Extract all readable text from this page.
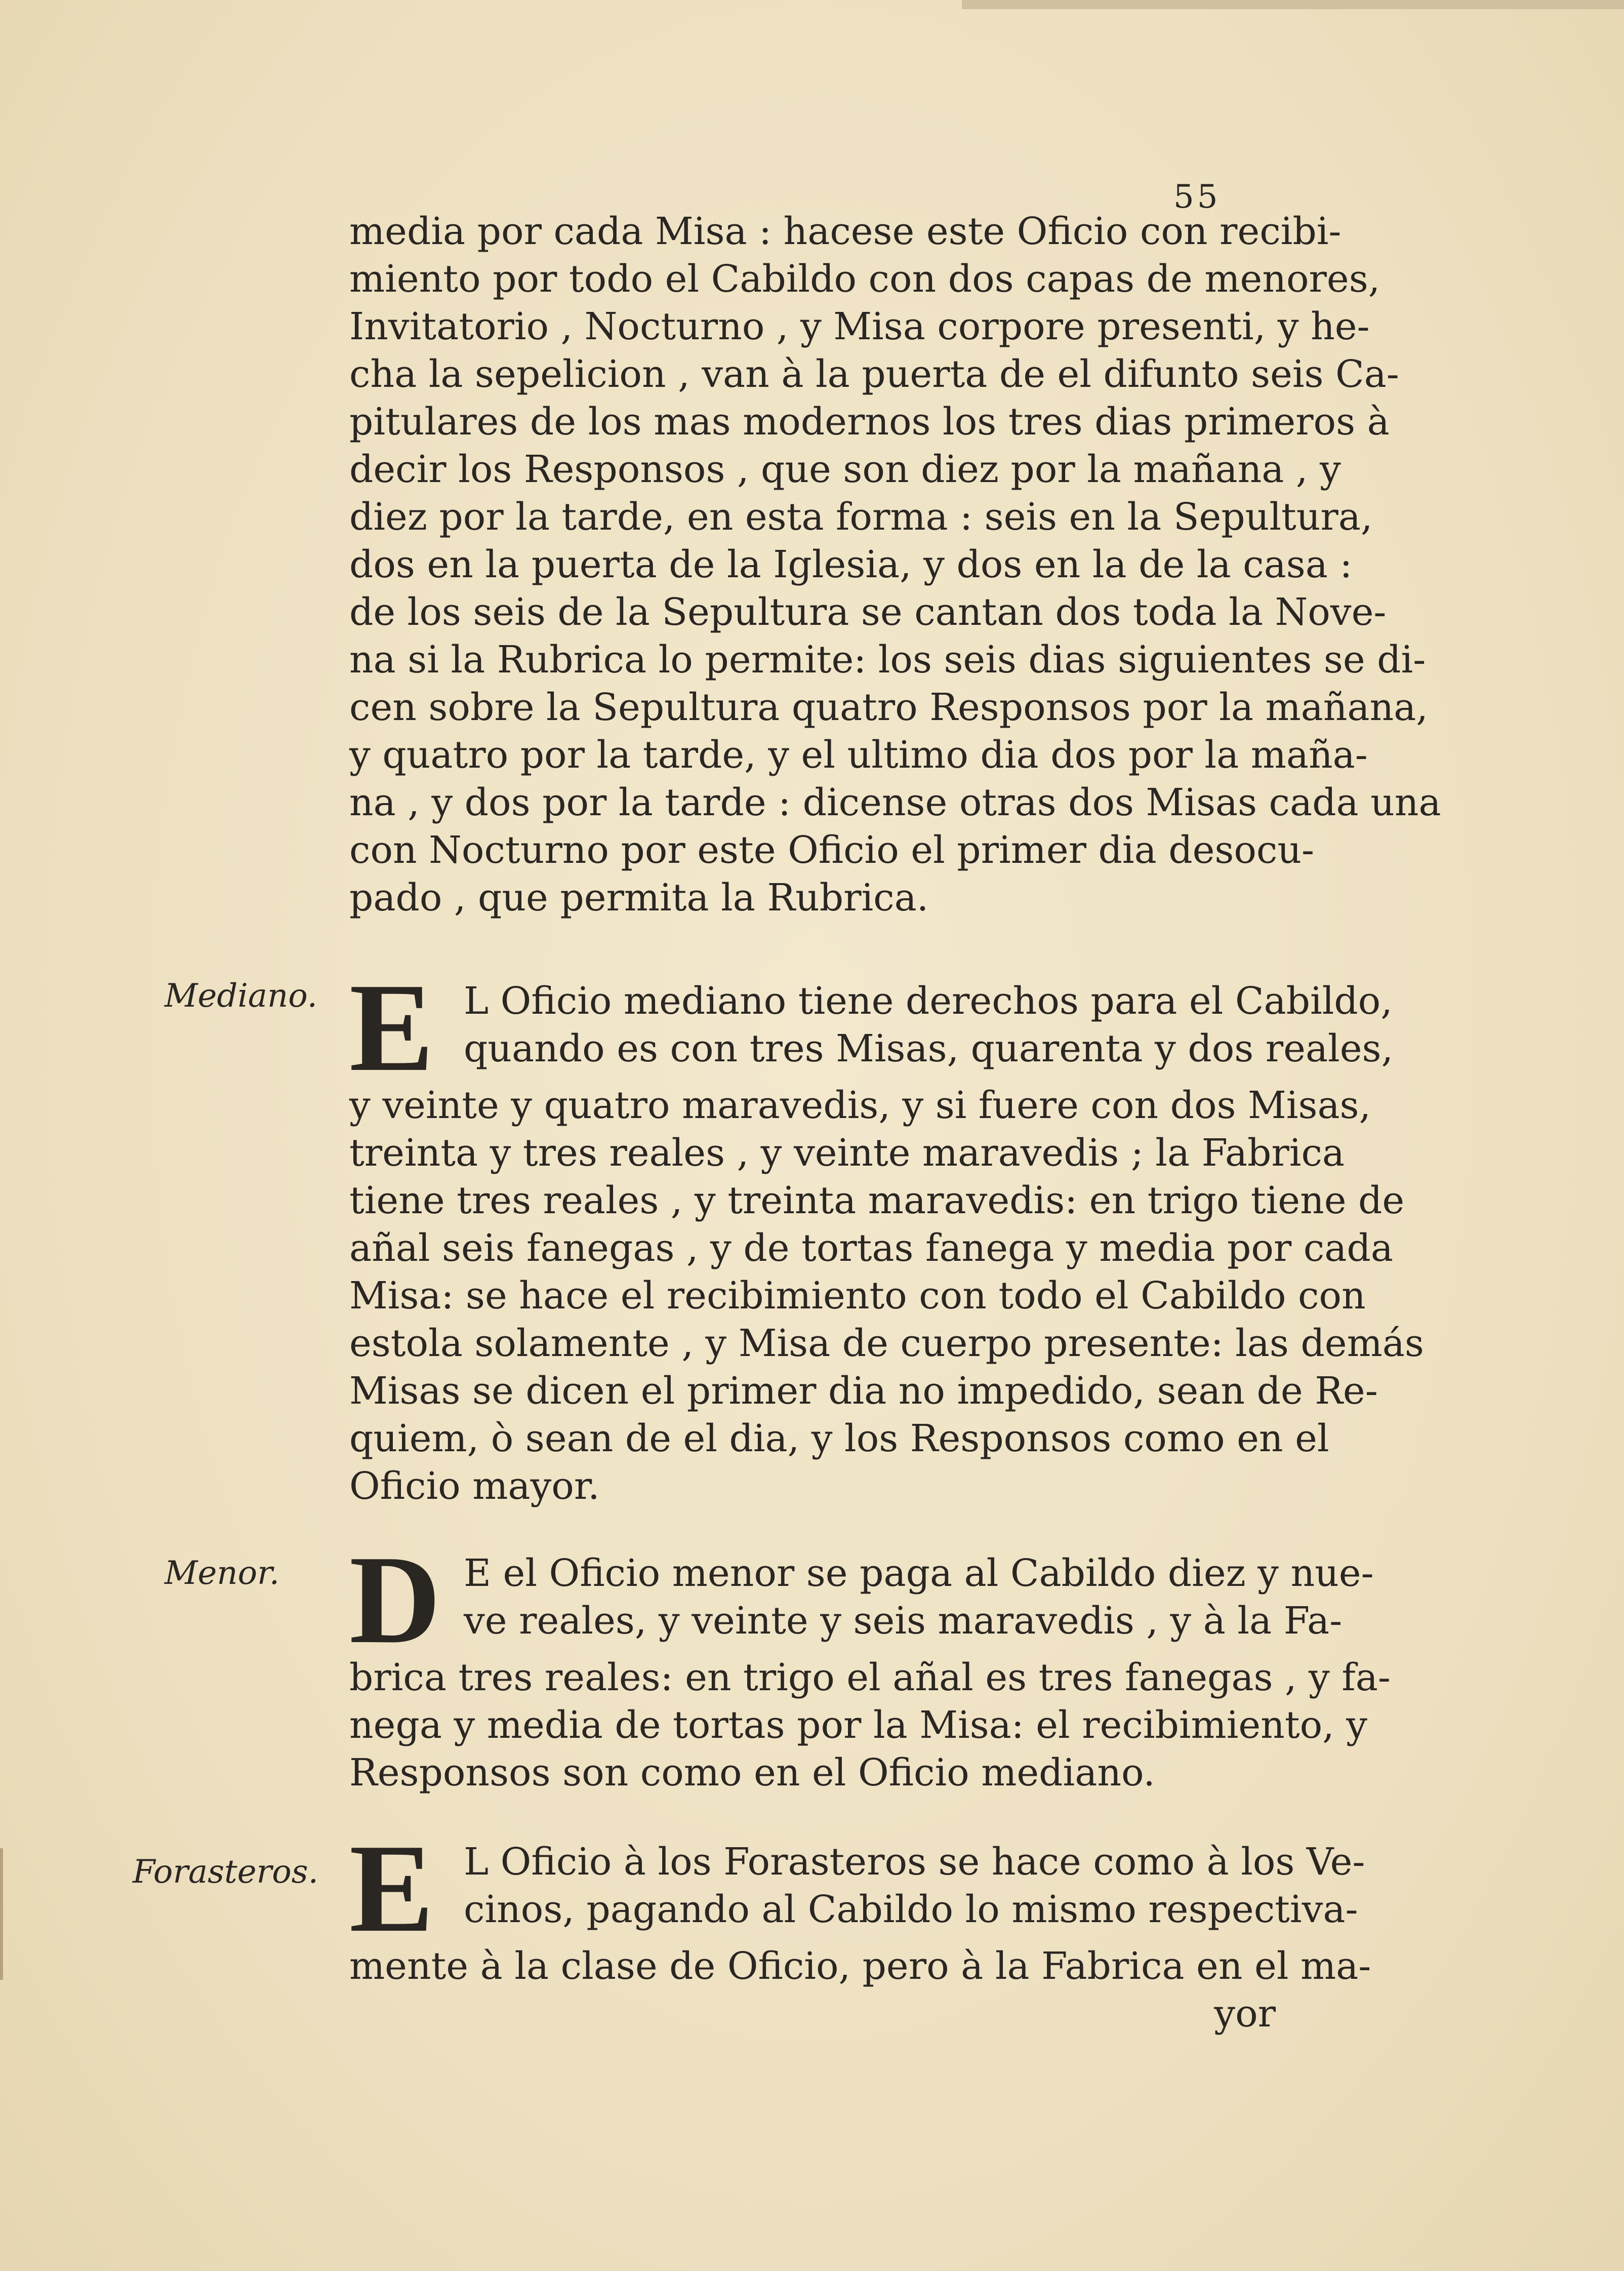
55
media por cada Misa : hacese este Oficio con recibi-
miento por todo el Cabildo con dos capas de menores,
Invitatorio , Nocturno , y Misa corpore presenti, y he-
cha la sepelicion , van à la puerta de el difunto seis Ca-
pitulares de los mas modernos los tres dias primeros à
decir los Responsos , que son diez por la mañana , y
diez por la tarde, en esta forma : seis en la Sepultura,
dos en la puerta de la Iglesia, y dos en la de la casa :
de los seis de la Sepultura se cantan dos toda la Nove-
na si la Rubrica lo permite: los seis dias siguientes se di-
cen sobre la Sepultura quatro Responsos por la mañana,
y quatro por la tarde, y el ultimo dia dos por la maña-
na , y dos por la tarde : dicense otras dos Misas cada una
con Nocturno por este Oficio el primer dia desocu-
pado , que permita la Rubrica.
Mediano. E L Oficio mediano tiene derechos para el Cabildo,
quando es con tres Misas, quarenta y dos reales,
y veinte y quatro maravedis, y si fuere con dos Misas,
treinta y tres reales , y veinte maravedis ; la Fabrica
tiene tres reales , y treinta maravedis: en trigo tiene de
añal seis fanegas , y de tortas fanega y media por cada
Misa: se hace el recibimiento con todo el Cabildo con
estola solamente , y Misa de cuerpo presente: las demás
Misas se dicen el primer dia no impedido, sean de Re-
quiem, ò sean de el dia, y los Responsos como en el
Oficio mayor.
Menor. D E el Oficio menor se paga al Cabildo diez y nue-
ve reales, y veinte y seis maravedis , y à la Fa-
brica tres reales: en trigo el añal es tres fanegas , y fa-
nega y media de tortas por la Misa: el recibimiento, y
Responsos son como en el Oficio mediano.
Forasteros. E L Oficio à los Forasteros se hace como à los Ve-
cinos, pagando al Cabildo lo mismo respectiva-
mente à la clase de Oficio, pero à la Fabrica en el ma-
yor
